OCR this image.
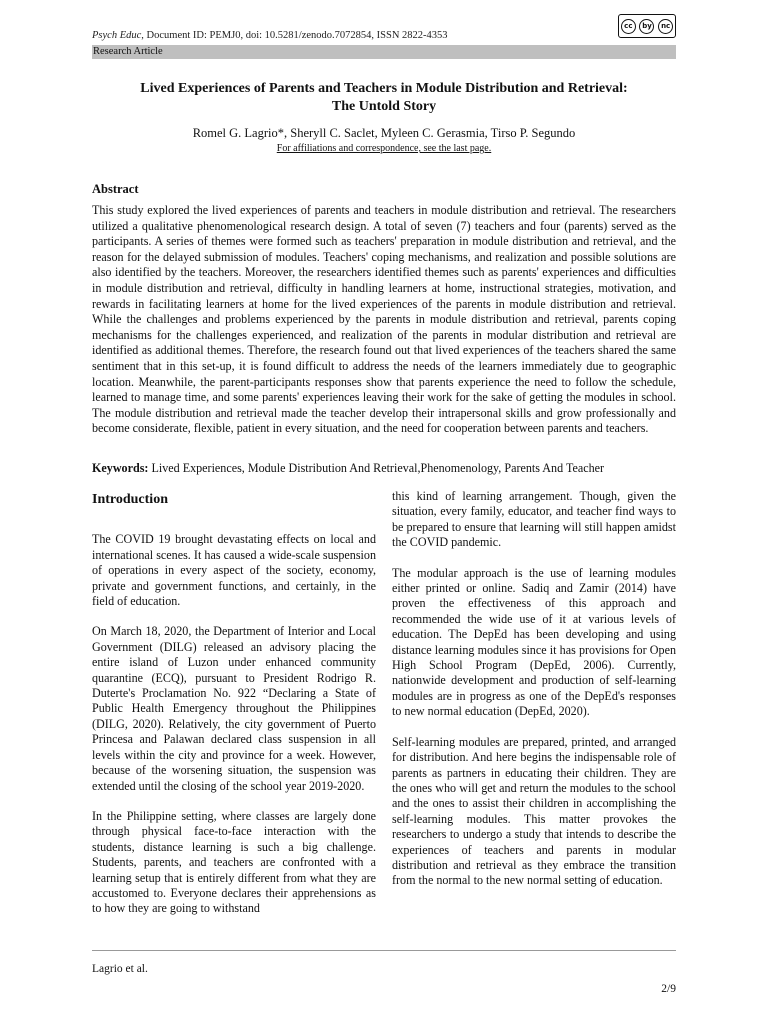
Psych Educ, Document ID: PEMJ0, doi: 10.5281/zenodo.7072854, ISSN 2822-4353
cc	by	nc
Research Article
Lived Experiences of Parents and Teachers in Module Distribution and Retrieval:
The Untold Story
Romel G. Lagrio*, Sheryll C. Saclet, Myleen C. Gerasmia, Tirso P. Segundo
For affiliations and correspondence, see the last page.
Abstract

This study explored the lived experiences of parents and teachers in module distribution and retrieval. The researchers utilized a qualitative phenomenological research design. A total of seven (7) teachers and four (parents) served as the participants. A series of themes were formed such as teachers' preparation in module distribution and retrieval, and the reason for the delayed submission of modules. Teachers' coping mechanisms, and realization and possible solutions are also identified by the teachers. Moreover, the researchers identified themes such as parents' experiences and difficulties in module distribution and retrieval, difficulty in handling learners at home, instructional strategies, motivation, and rewards in facilitating learners at home for the lived experiences of the parents in module distribution and retrieval. While the challenges and problems experienced by the parents in module distribution and retrieval, parents coping mechanisms for the challenges experienced, and realization of the parents in modular distribution and retrieval are identified as additional themes. Therefore, the research found out that lived experiences of the teachers shared the same sentiment that in this set-up, it is found difficult to address the needs of the learners immediately due to geographic location. Meanwhile, the parent-participants responses show that parents experience the need to follow the schedule, learned to manage time, and some parents' experiences leaving their work for the sake of getting the modules in school. The module distribution and retrieval made the teacher develop their intrapersonal skills and grow professionally and become considerate, flexible, patient in every situation, and the need for cooperation between parents and teachers.

Keywords: Lived Experiences, Module Distribution And Retrieval,Phenomenology, Parents And Teacher
Introduction

The COVID 19 brought devastating effects on local and international scenes. It has caused a wide-scale suspension of operations in every aspect of the society, economy, private and government functions, and certainly, in the field of education.

On March 18, 2020, the Department of Interior and Local Government (DILG) released an advisory placing the entire island of Luzon under enhanced community quarantine (ECQ), pursuant to President Rodrigo R. Duterte's Proclamation No. 922 “Declaring a State of Public Health Emergency throughout the Philippines (DILG, 2020). Relatively, the city government of Puerto Princesa and Palawan declared class suspension in all levels within the city and province for a week. However, because of the worsening situation, the suspension was extended until the closing of the school year 2019-2020.

In the Philippine setting, where classes are largely done through physical face-to-face interaction with the students, distance learning is such a big challenge. Students, parents, and teachers are confronted with a learning setup that is entirely different from what they are accustomed to. Everyone declares their apprehensions as to how they are going to withstand

this kind of learning arrangement. Though, given the situation, every family, educator, and teacher find ways to be prepared to ensure that learning will still happen amidst the COVID pandemic.

The modular approach is the use of learning modules either printed or online. Sadiq and Zamir (2014) have proven the effectiveness of this approach and recommended the wide use of it at various levels of education. The DepEd has been developing and using distance learning modules since it has provisions for Open High School Program (DepEd, 2006). Currently, nationwide development and production of self-learning modules are in progress as one of the DepEd's responses to new normal education (DepEd, 2020).

Self-learning modules are prepared, printed, and arranged for distribution. And here begins the indispensable role of parents as partners in educating their children. They are the ones who will get and return the modules to the school and the ones to assist their children in accomplishing the self-learning modules. This matter provokes the researchers to undergo a study that intends to describe the experiences of teachers and parents in modular distribution and retrieval as they embrace the transition from the normal to the new normal setting of education.

Lagrio et al.
2/9
